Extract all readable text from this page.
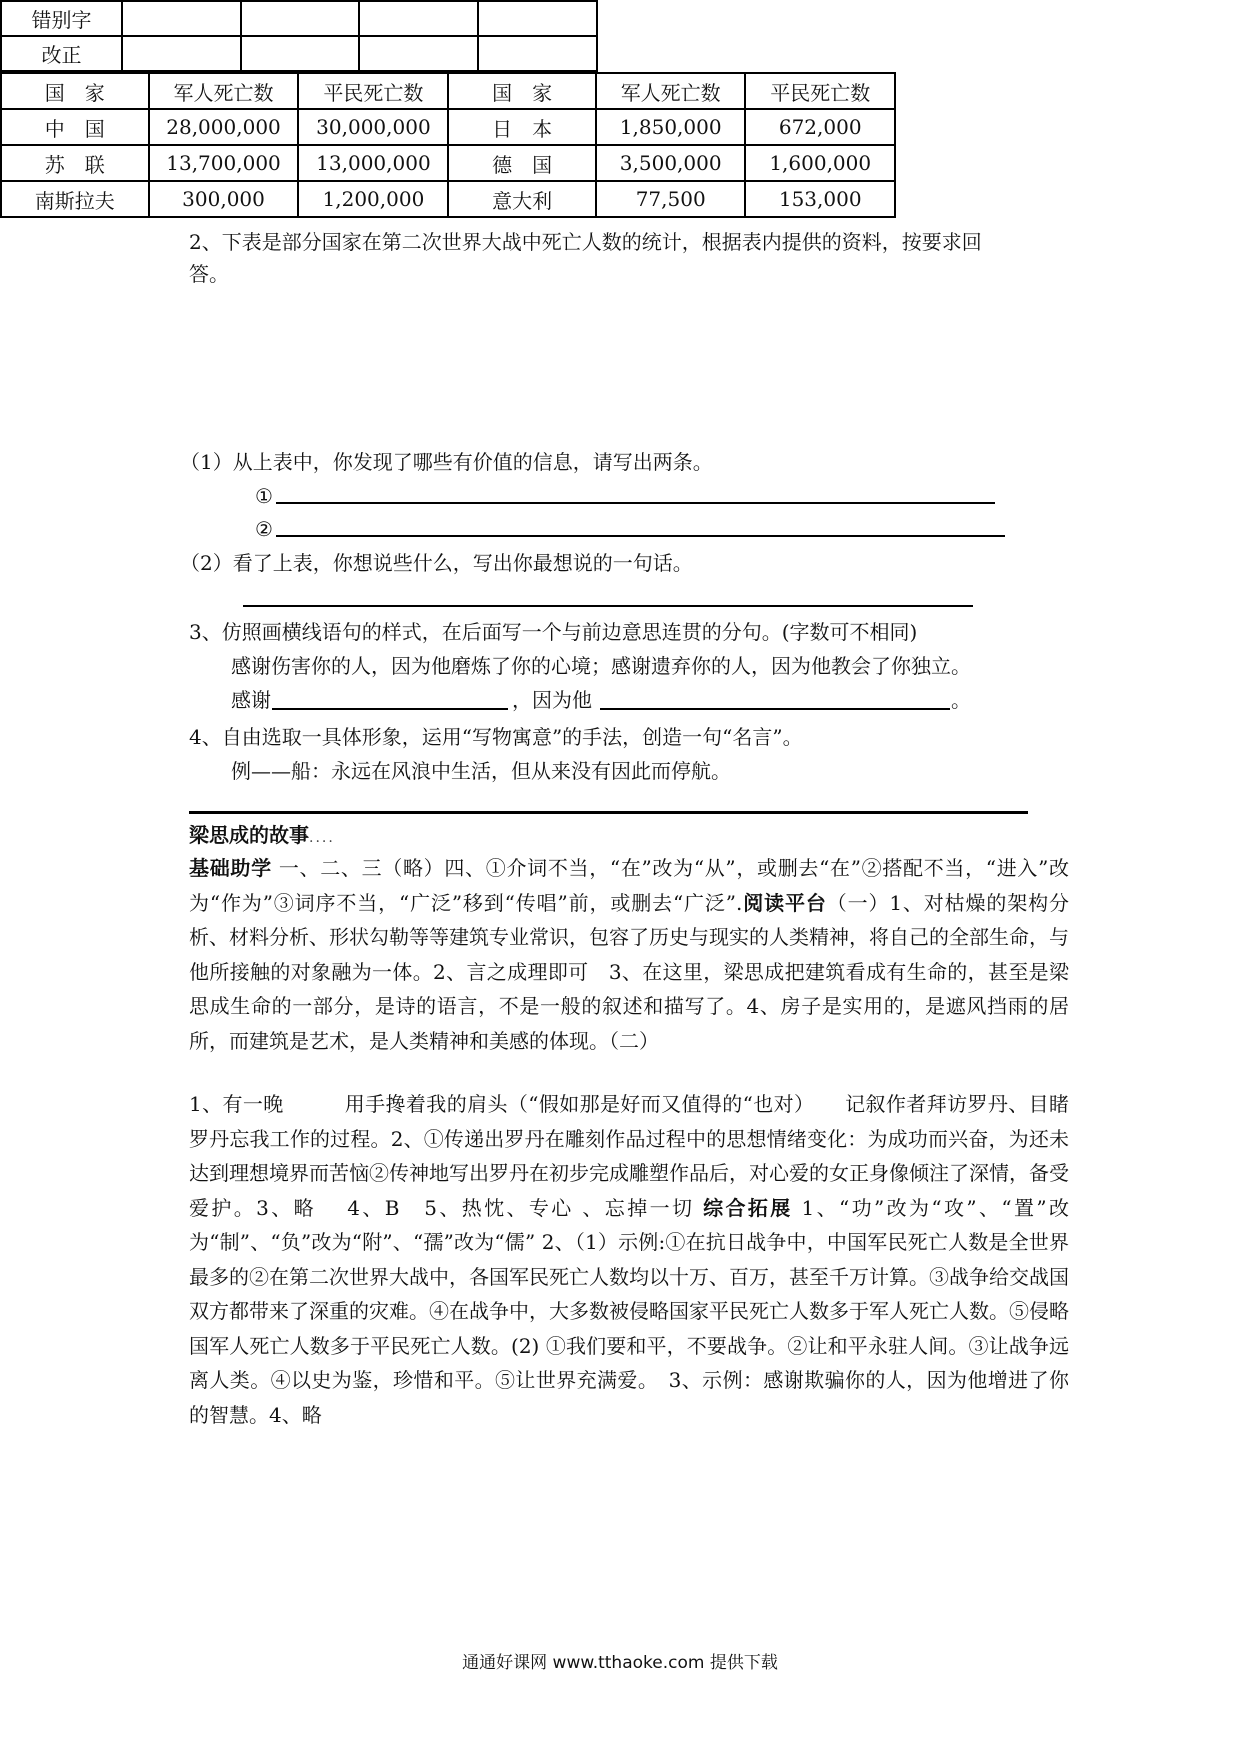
错别字				
改正				
2、下表是部分国家在第二次世界大战中死亡人数的统计，根据表内提供的资料，按要求回
答。
国　家	军人死亡数	平民死亡数	国　家	军人死亡数	平民死亡数
中　国	28,000,000	30,000,000	日　本	1,850,000	672,000
苏　联	13,700,000	13,000,000	德　国	3,500,000	1,600,000
南斯拉夫	300,000	1,200,000	意大利	77,500	153,000
（1）从上表中，你发现了哪些有价值的信息，请写出两条。
①
②
（2）看了上表，你想说些什么，写出你最想说的一句话。
3、仿照画横线语句的样式，在后面写一个与前边意思连贯的分句。(字数可不相同)
感谢伤害你的人，因为他磨炼了你的心境；感谢遗弃你的人，因为他教会了你独立。
感谢	，因为他	。
4、自由选取一具体形象，运用“写物寓意”的手法，创造一句“名言”。
例——船：永远在风浪中生活，但从来没有因此而停航。
梁思成的故事....
基础助学 一、二、三（略）四、①介词不当，“在”改为“从”，或删去“在”②搭配不当，“进入”改为“作为”③词序不当，“广泛”移到“传唱”前，或删去“广泛”.阅读平台（一）1、对枯燥的架构分析、材料分析、形状勾勒等等建筑专业常识，包容了历史与现实的人类精神，将自己的全部生命，与他所接触的对象融为一体。2、言之成理即可　3、在这里，梁思成把建筑看成有生命的，甚至是梁思成生命的一部分，是诗的语言，不是一般的叙述和描写了。4、房子是实用的，是遮风挡雨的居所，而建筑是艺术，是人类精神和美感的体现。（二）
1、有一晚　　　用手搀着我的肩头（“假如那是好而又值得的“也对）　　记叙作者拜访罗丹、目睹罗丹忘我工作的过程。2、①传递出罗丹在雕刻作品过程中的思想情绪变化：为成功而兴奋，为还未达到理想境界而苦恼②传神地写出罗丹在初步完成雕塑作品后，对心爱的女正身像倾注了深情，备受爱护。3、略　 4、B　5、热忱、专心 、忘掉一切 综合拓展 1、“功”改为“攻”、“置”改为“制”、“负”改为“附”、“孺”改为“儒” 2、（1）示例:①在抗日战争中，中国军民死亡人数是全世界最多的②在第二次世界大战中，各国军民死亡人数均以十万、百万，甚至千万计算。③战争给交战国双方都带来了深重的灾难。④在战争中，大多数被侵略国家平民死亡人数多于军人死亡人数。⑤侵略国军人死亡人数多于平民死亡人数。(2) ①我们要和平，不要战争。②让和平永驻人间。③让战争远离人类。④以史为鉴，珍惜和平。⑤让世界充满爱。　3、示例：感谢欺骗你的人，因为他增进了你的智慧。4、略
通通好课网 www.tthaoke.com 提供下载
